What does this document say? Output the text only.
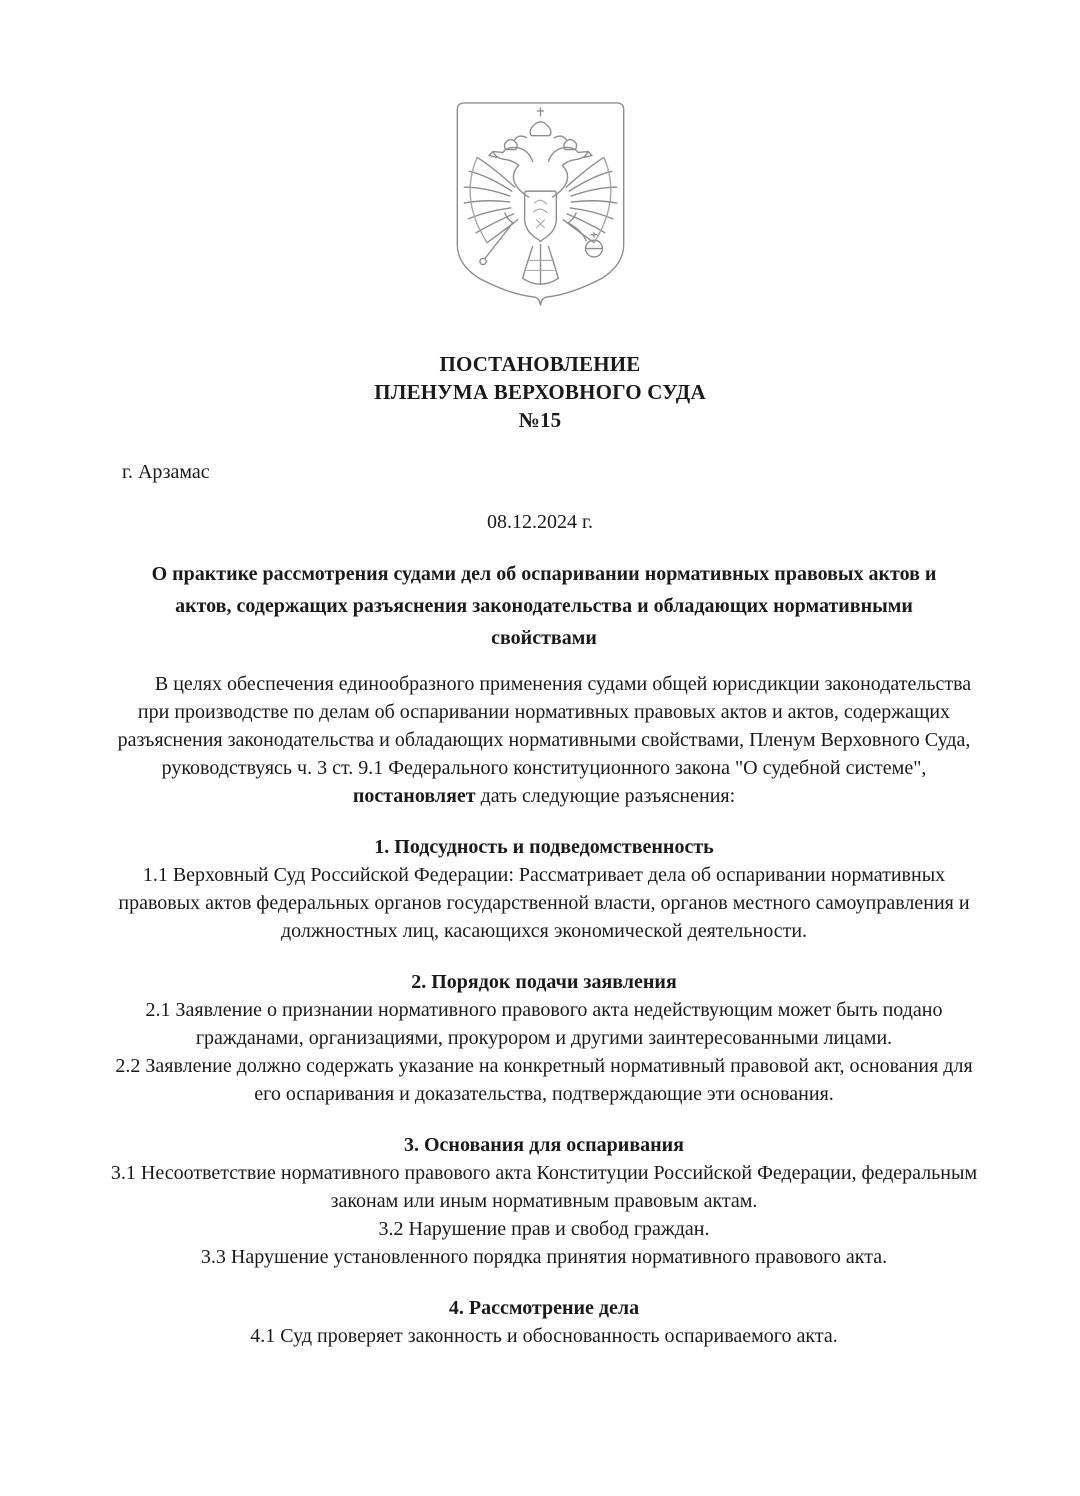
ПОСТАНОВЛЕНИЕ
ПЛЕНУМА ВЕРХОВНОГО СУДА
№15
г. Арзамас
08.12.2024 г.
О практике рассмотрения судами дел об оспаривании нормативных правовых актов и актов, содержащих разъяснения законодательства и обладающих нормативными свойствами

В целях обеспечения единообразного применения судами общей юрисдикции законодательства при производстве по делам об оспаривании нормативных правовых актов и актов, содержащих разъяснения законодательства и обладающих нормативными свойствами, Пленум Верховного Суда, руководствуясь ч. 3 ст. 9.1 Федерального конституционного закона "О судебной системе", постановляет дать следующие разъяснения:

1. Подсудность и подведомственность

1.1 Верховный Суд Российской Федерации: Рассматривает дела об оспаривании нормативных правовых актов федеральных органов государственной власти, органов местного самоуправления и должностных лиц, касающихся экономической деятельности.

2. Порядок подачи заявления

2.1 Заявление о признании нормативного правового акта недействующим может быть подано гражданами, организациями, прокурором и другими заинтересованными лицами.

2.2 Заявление должно содержать указание на конкретный нормативный правовой акт, основания для его оспаривания и доказательства, подтверждающие эти основания.

3. Основания для оспаривания

3.1 Несоответствие нормативного правового акта Конституции Российской Федерации, федеральным законам или иным нормативным правовым актам.

3.2 Нарушение прав и свобод граждан.

3.3 Нарушение установленного порядка принятия нормативного правового акта.

4. Рассмотрение дела

4.1 Суд проверяет законность и обоснованность оспариваемого акта.
